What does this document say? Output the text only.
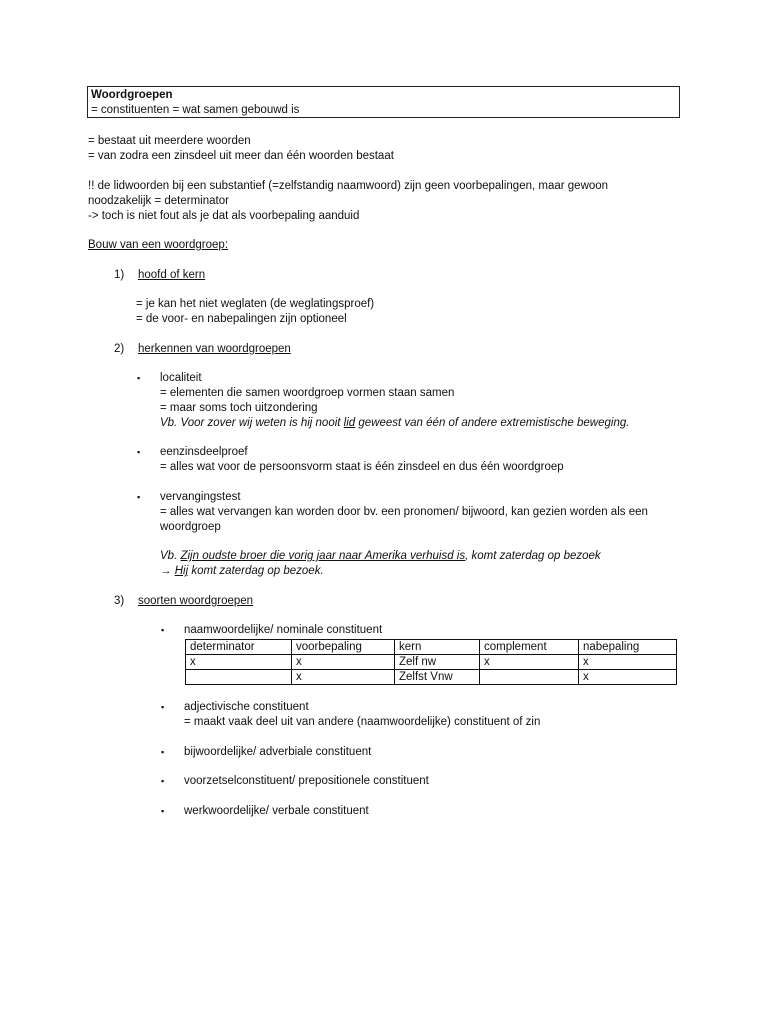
Woordgroepen
= constituenten = wat samen gebouwd is
= bestaat uit meerdere woorden
= van zodra een zinsdeel uit meer dan één woorden bestaat
!! de lidwoorden bij een substantief (=zelfstandig naamwoord) zijn geen voorbepalingen, maar gewoon
noodzakelijk = determinator
-> toch is niet fout als je dat als voorbepaling aanduid
Bouw van een woordgroep:
1) hoofd of kern
= je kan het niet weglaten (de weglatingsproef)
= de voor- en nabepalingen zijn optioneel
2) herkennen van woordgroepen
▪ localiteit
= elementen die samen woordgroep vormen staan samen
= maar soms toch uitzondering
Vb. Voor zover wij weten is hij nooit lid geweest van één of andere extremistische beweging.
▪ eenzinsdeelproef
= alles wat voor de persoonsvorm staat is één zinsdeel en dus één woordgroep
▪ vervangingstest
= alles wat vervangen kan worden door bv. een pronomen/ bijwoord, kan gezien worden als een
woordgroep
Vb. Zijn oudste broer die vorig jaar naar Amerika verhuisd is, komt zaterdag op bezoek
→ Hij komt zaterdag op bezoek.
3) soorten woordgroepen
▪ naamwoordelijke/ nominale constituent
determinator	voorbepaling	kern	complement	nabepaling
x	x	Zelf nw	x	x
	x	Zelfst Vnw		x
▪ adjectivische constituent
= maakt vaak deel uit van andere (naamwoordelijke) constituent of zin
▪ bijwoordelijke/ adverbiale constituent
▪ voorzetselconstituent/ prepositionele constituent
▪ werkwoordelijke/ verbale constituent
